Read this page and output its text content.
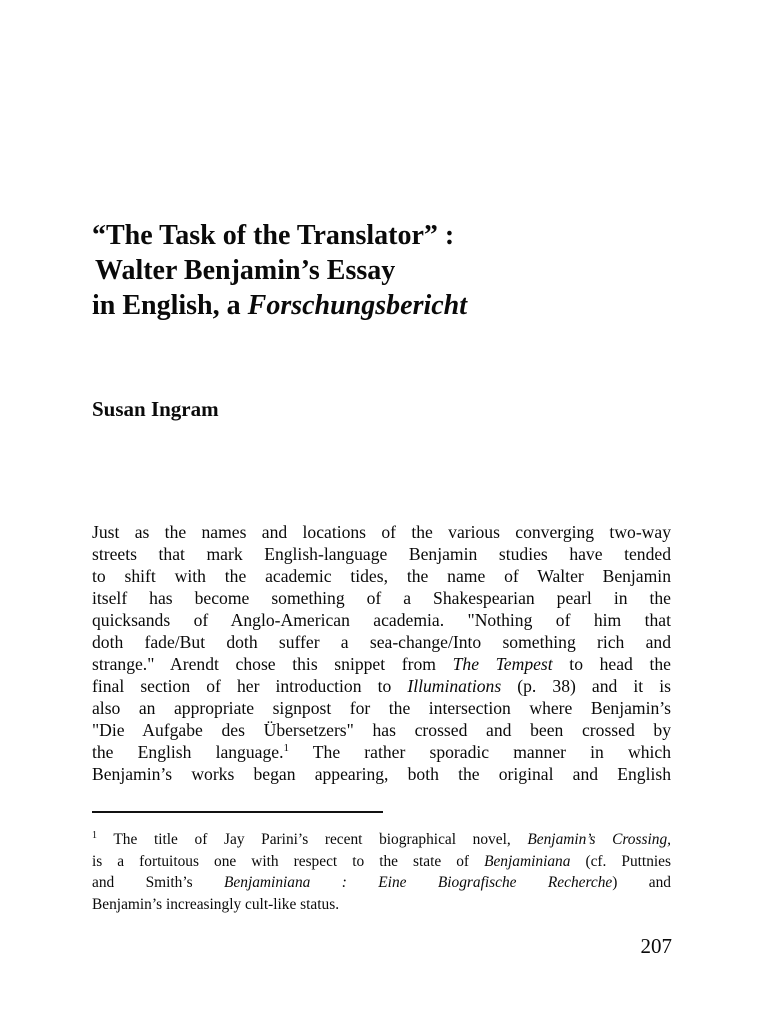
“The Task of the Translator” :
Walter Benjamin’s Essay
in English, a Forschungsbericht

Susan Ingram

Just as the names and locations of the various converging two-way
streets that mark English-language Benjamin studies have tended
to shift with the academic tides, the name of Walter Benjamin
itself has become something of a Shakespearian pearl in the
quicksands of Anglo-American academia. "Nothing of him that
doth fade/But doth suffer a sea-change/Into something rich and
strange." Arendt chose this snippet from The Tempest to head the
final section of her introduction to Illuminations (p. 38) and it is
also an appropriate signpost for the intersection where Benjamin’s
"Die Aufgabe des Übersetzers" has crossed and been crossed by
the English language.$^1$ The rather sporadic manner in which
Benjamin’s works began appearing, both the original and English

$^1$ The title of Jay Parini’s recent biographical novel, Benjamin’s Crossing,
is a fortuitous one with respect to the state of Benjaminiana (cf. Puttnies
and Smith’s Benjaminiana : Eine Biografische Recherche) and
Benjamin’s increasingly cult-like status.

207
